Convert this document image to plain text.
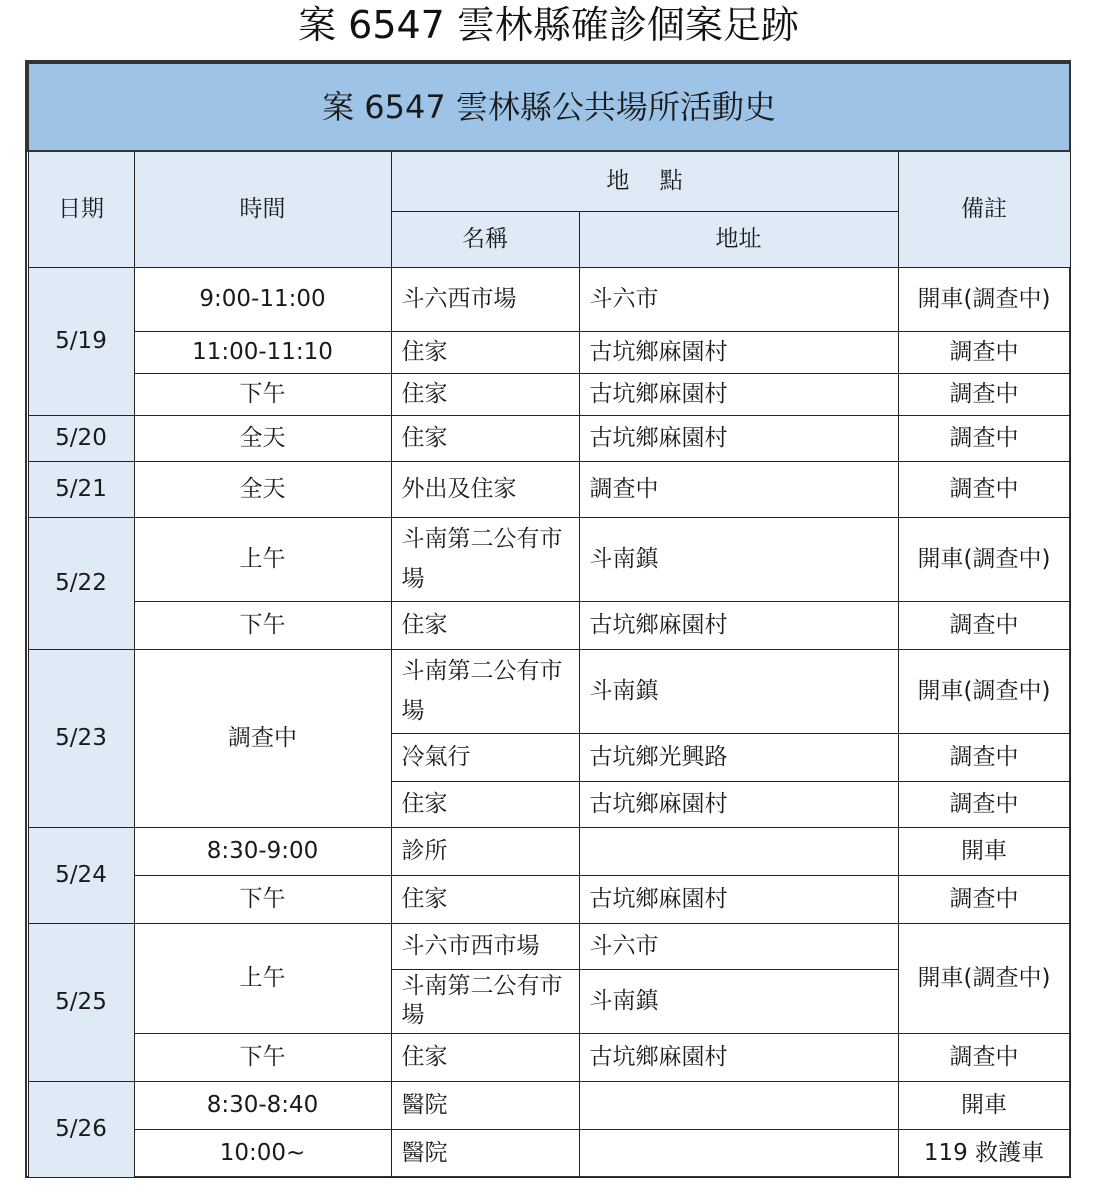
案 6547 雲林縣確診個案足跡
案 6547 雲林縣公共場所活動史				
日期	時間	地　 點		備註
		名稱	地址	
5/19	9:00-11:00	斗六西市場	斗六市	開車(調查中)
	11:00-11:10	住家	古坑鄉麻園村	調查中
	下午	住家	古坑鄉麻園村	調查中
5/20	全天	住家	古坑鄉麻園村	調查中
5/21	全天	外出及住家	調查中	調查中
5/22	上午	斗南第二公有市場	斗南鎮	開車(調查中)
	下午	住家	古坑鄉麻園村	調查中
5/23	調查中	斗南第二公有市場	斗南鎮	開車(調查中)
		冷氣行	古坑鄉光興路	調查中
		住家	古坑鄉麻園村	調查中
5/24	8:30-9:00	診所		開車
	下午	住家	古坑鄉麻園村	調查中
5/25	上午	斗六市西市場	斗六市	開車(調查中)
		斗南第二公有市場	斗南鎮	
	下午	住家	古坑鄉麻園村	調查中
5/26	8:30-8:40	醫院		開車
	10:00~	醫院		119 救護車
